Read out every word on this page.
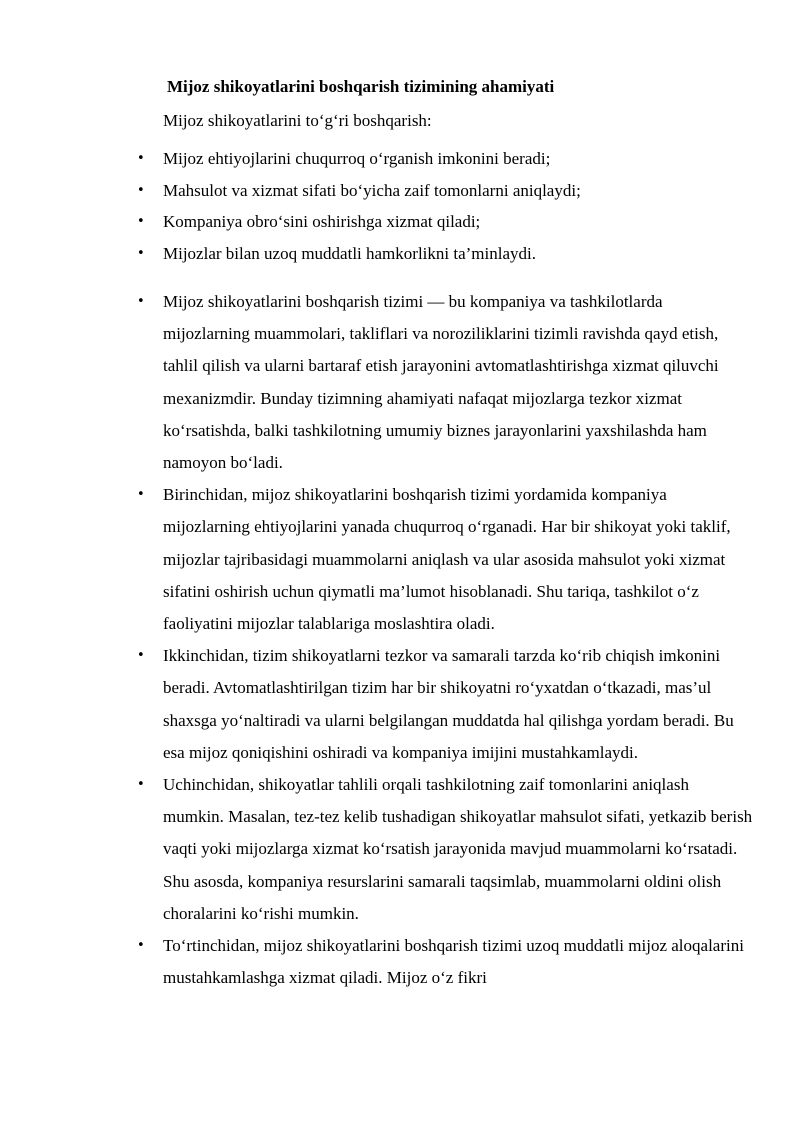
Mijoz shikoyatlarini boshqarish tizimining ahamiyati

Mijoz shikoyatlarini to‘g‘ri boshqarish:

• Mijoz ehtiyojlarini chuqurroq o‘rganish imkonini beradi;
• Mahsulot va xizmat sifati bo‘yicha zaif tomonlarni aniqlaydi;
• Kompaniya obro‘sini oshirishga xizmat qiladi;
• Mijozlar bilan uzoq muddatli hamkorlikni ta’minlaydi.
• Mijoz shikoyatlarini boshqarish tizimi — bu kompaniya va tashkilotlarda mijozlarning muammolari, takliflari va noroziliklarini tizimli ravishda qayd etish, tahlil qilish va ularni bartaraf etish jarayonini avtomatlashtirishga xizmat qiluvchi mexanizmdir. Bunday tizimning ahamiyati nafaqat mijozlarga tezkor xizmat ko‘rsatishda, balki tashkilotning umumiy biznes jarayonlarini yaxshilashda ham namoyon bo‘ladi.
• Birinchidan, mijoz shikoyatlarini boshqarish tizimi yordamida kompaniya mijozlarning ehtiyojlarini yanada chuqurroq o‘rganadi. Har bir shikoyat yoki taklif, mijozlar tajribasidagi muammolarni aniqlash va ular asosida mahsulot yoki xizmat sifatini oshirish uchun qiymatli ma’lumot hisoblanadi. Shu tariqa, tashkilot o‘z faoliyatini mijozlar talablariga moslashtira oladi.
• Ikkinchidan, tizim shikoyatlarni tezkor va samarali tarzda ko‘rib chiqish imkonini beradi. Avtomatlashtirilgan tizim har bir shikoyatni ro‘yxatdan o‘tkazadi, mas’ul shaxsga yo‘naltiradi va ularni belgilangan muddatda hal qilishga yordam beradi. Bu esa mijoz qoniqishini oshiradi va kompaniya imijini mustahkamlaydi.
• Uchinchidan, shikoyatlar tahlili orqali tashkilotning zaif tomonlarini aniqlash mumkin. Masalan, tez-tez kelib tushadigan shikoyatlar mahsulot sifati, yetkazib berish vaqti yoki mijozlarga xizmat ko‘rsatish jarayonida mavjud muammolarni ko‘rsatadi. Shu asosda, kompaniya resurslarini samarali taqsimlab, muammolarni oldini olish choralarini ko‘rishi mumkin.
• To‘rtinchidan, mijoz shikoyatlarini boshqarish tizimi uzoq muddatli mijoz aloqalarini mustahkamlashga xizmat qiladi. Mijoz o‘z fikri
